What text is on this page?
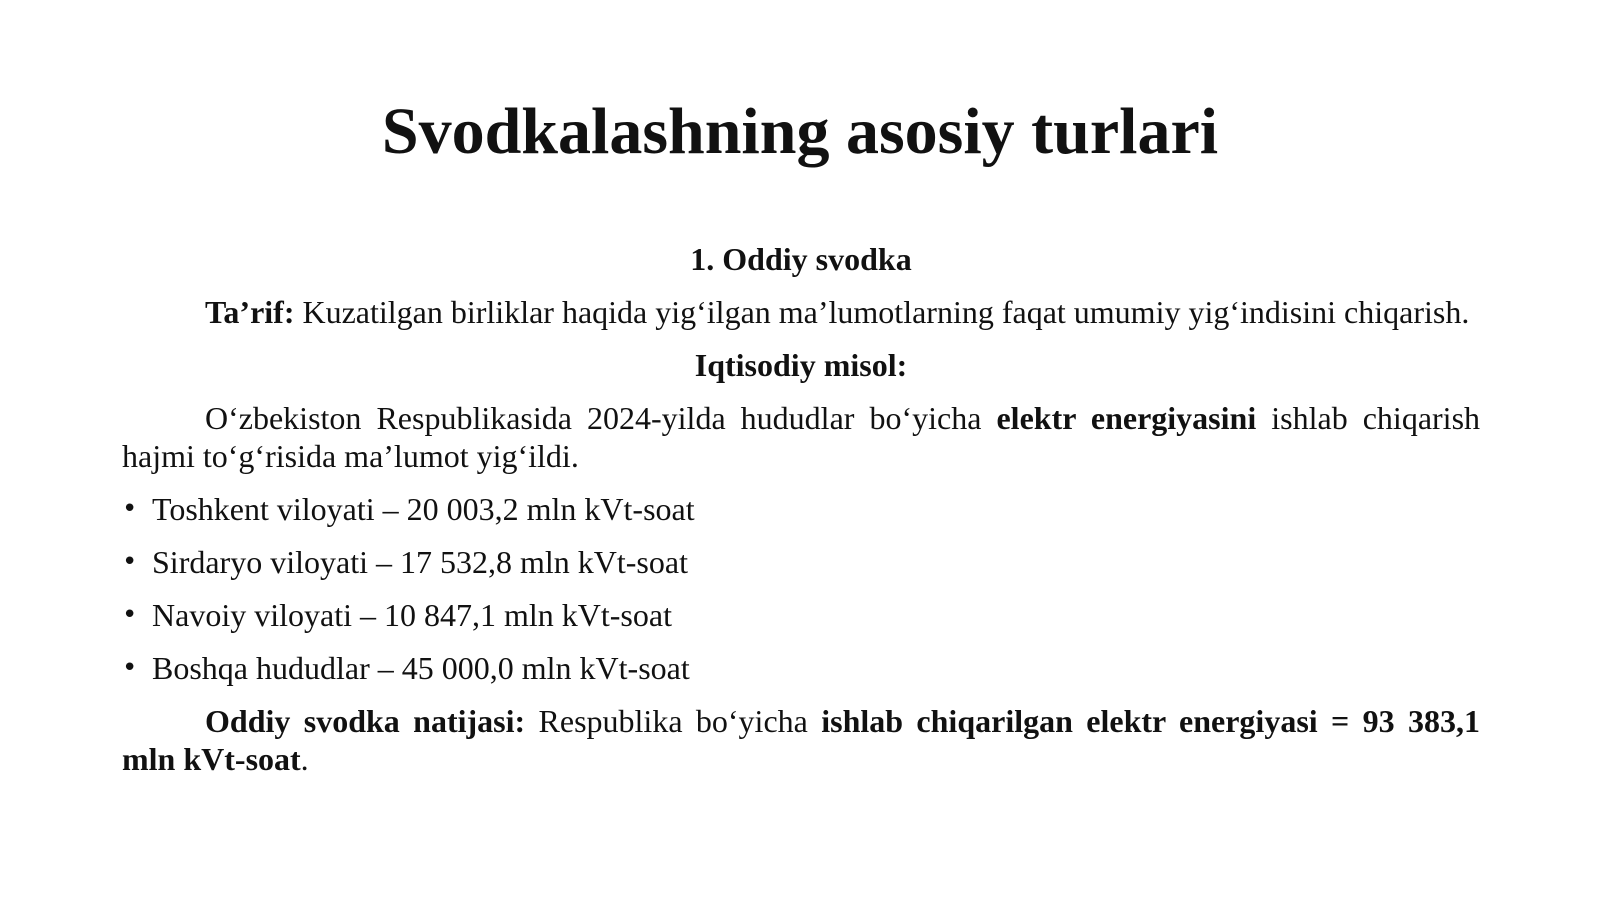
Svodkalashning asosiy turlari
1. Oddiy svodka

Ta’rif: Kuzatilgan birliklar haqida yig‘ilgan ma’lumotlarning faqat umumiy yig‘indisini chiqarish.

Iqtisodiy misol:

O‘zbekiston Respublikasida 2024-yilda hududlar bo‘yicha elektr energiyasini ishlab chiqarish hajmi to‘g‘risida ma’lumot yig‘ildi.

• Toshkent viloyati – 20 003,2 mln kVt-soat
• Sirdaryo viloyati – 17 532,8 mln kVt-soat
• Navoiy viloyati – 10 847,1 mln kVt-soat
• Boshqa hududlar – 45 000,0 mln kVt-soat

Oddiy svodka natijasi: Respublika bo‘yicha ishlab chiqarilgan elektr energiyasi = 93 383,1 mln kVt-soat.
